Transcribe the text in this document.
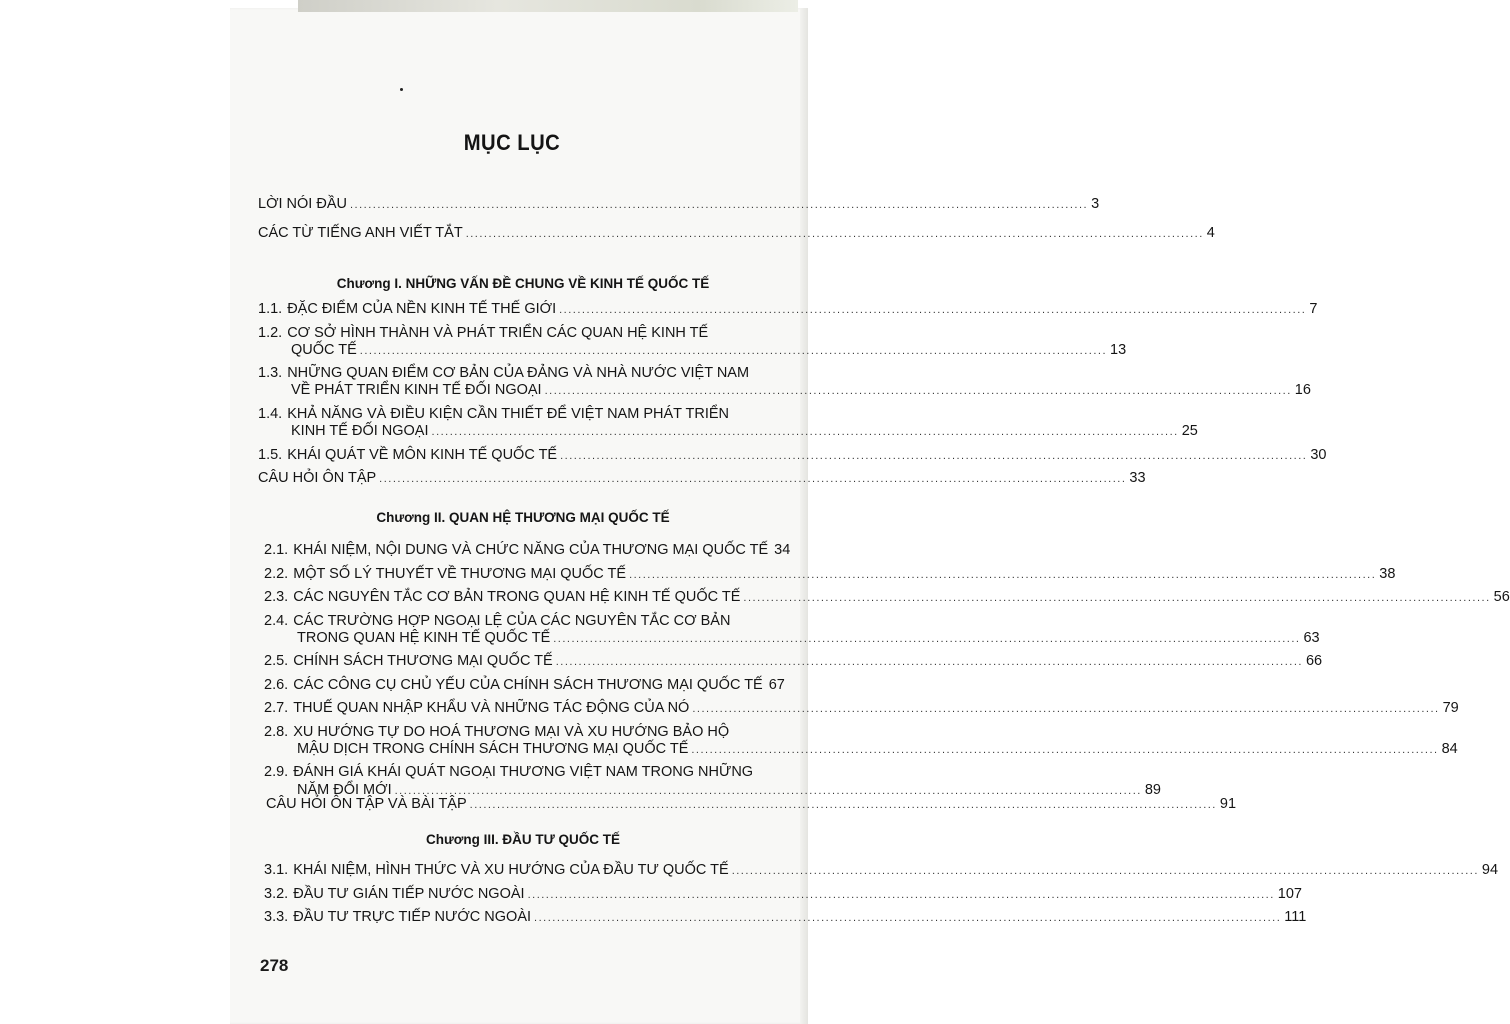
MỤC LỤC
LỜI NÓI ĐẦU .................................................................................................................................................................. 3
CÁC TỪ TIẾNG ANH VIẾT TẮT .................................................................................................................................................................. 4
Chương I. NHỮNG VẤN ĐỀ CHUNG VỀ KINH TẾ QUỐC TẾ
Chương II. QUAN HỆ THƯƠNG MẠI QUỐC TẾ
Chương III. ĐẦU TƯ QUỐC TẾ
1.1. ĐẶC ĐIỂM CỦA NỀN KINH TẾ THẾ GIỚI .................................................................................................................................................................... 7
1.2. CƠ SỞ HÌNH THÀNH VÀ PHÁT TRIỂN CÁC QUAN HỆ KINH TẾ
QUỐC TẾ .................................................................................................................................................................... 13
1.3. NHỮNG QUAN ĐIỂM CƠ BẢN CỦA ĐẢNG VÀ NHÀ NƯỚC VIỆT NAM
VỀ PHÁT TRIỂN KINH TẾ ĐỐI NGOẠI .................................................................................................................................................................... 16
1.4. KHẢ NĂNG VÀ ĐIỀU KIỆN CẦN THIẾT ĐỂ VIỆT NAM PHÁT TRIỂN
KINH TẾ ĐỐI NGOẠI .................................................................................................................................................................... 25
1.5. KHÁI QUÁT VỀ MÔN KINH TẾ QUỐC TẾ .................................................................................................................................................................... 30
CÂU HỎI ÔN TẬP .................................................................................................................................................................... 33
2.1. KHÁI NIỆM, NỘI DUNG VÀ CHỨC NĂNG CỦA THƯƠNG MẠI QUỐC TẾ 34
2.2. MỘT SỐ LÝ THUYẾT VỀ THƯƠNG MẠI QUỐC TẾ .................................................................................................................................................................... 38
2.3. CÁC NGUYÊN TẮC CƠ BẢN TRONG QUAN HỆ KINH TẾ QUỐC TẾ .................................................................................................................................................................... 56
2.4. CÁC TRƯỜNG HỢP NGOẠI LỆ CỦA CÁC NGUYÊN TẮC CƠ BẢN
TRONG QUAN HỆ KINH TẾ QUỐC TẾ .................................................................................................................................................................... 63
2.5. CHÍNH SÁCH THƯƠNG MẠI QUỐC TẾ .................................................................................................................................................................... 66
2.6. CÁC CÔNG CỤ CHỦ YẾU CỦA CHÍNH SÁCH THƯƠNG MẠI QUỐC TẾ 67
2.7. THUẾ QUAN NHẬP KHẨU VÀ NHỮNG TÁC ĐỘNG CỦA NÓ .................................................................................................................................................................... 79
2.8. XU HƯỚNG TỰ DO HOÁ THƯƠNG MẠI VÀ XU HƯỚNG BẢO HỘ
MẬU DỊCH TRONG CHÍNH SÁCH THƯƠNG MẠI QUỐC TẾ .................................................................................................................................................................... 84
2.9. ĐÁNH GIÁ KHÁI QUÁT NGOẠI THƯƠNG VIỆT NAM TRONG NHỮNG
NĂM ĐỔI MỚI .................................................................................................................................................................... 89
CÂU HỎI ÔN TẬP VÀ BÀI TẬP .................................................................................................................................................................... 91
3.1. KHÁI NIỆM, HÌNH THỨC VÀ XU HƯỚNG CỦA ĐẦU TƯ QUỐC TẾ .................................................................................................................................................................... 94
3.2. ĐẦU TƯ GIÁN TIẾP NƯỚC NGOÀI .................................................................................................................................................................... 107
3.3. ĐẦU TƯ TRỰC TIẾP NƯỚC NGOÀI .................................................................................................................................................................... 111
278
